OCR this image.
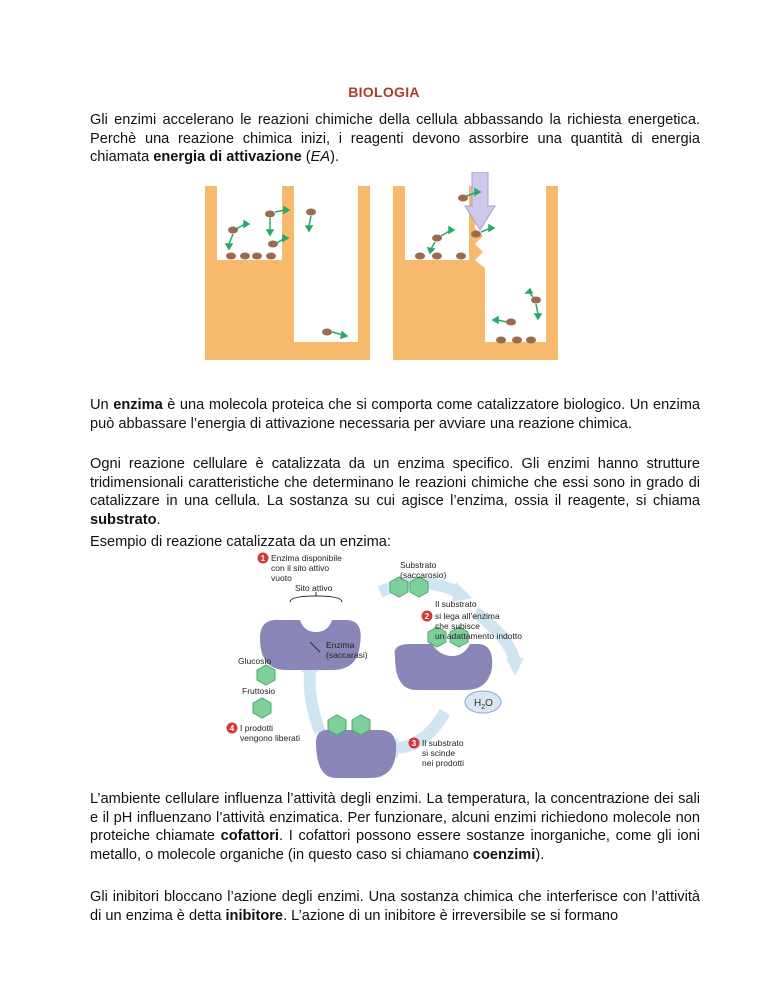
BIOLOGIA
Gli enzimi accelerano le reazioni chimiche della cellula abbassando la richiesta energetica. Perchè una reazione chimica inizi, i reagenti devono assorbire una quantità di energia chiamata energia di attivazione (EA).
Un enzima è una molecola proteica che si comporta come catalizzatore biologico. Un enzima può abbassare l’energia di attivazione necessaria per avviare una reazione chimica.
Ogni reazione cellulare è catalizzata da un enzima specifico. Gli enzimi hanno strutture tridimensionali caratteristiche che determinano le reazioni chimiche che essi sono in grado di catalizzare in una cellula. La sostanza su cui agisce l’enzima, ossia il reagente, si chiama substrato.
Esempio di reazione catalizzata da un enzima:
$H_2O$
1
2
3
4
Enzima disponibile
con il sito attivo
vuoto
Sito attivo
Substrato
(saccarosio)
Il substrato
si lega all’enzima
che subisce
un adattamento indotto
Enzima
(saccarasi)
Glucosio
Fruttosio
I prodotti
vengono liberati	Il substrato
si scinde
nei prodotti
L’ambiente cellulare influenza l’attività degli enzimi. La temperatura, la concentrazione dei sali e il pH influenzano l’attività enzimatica. Per funzionare, alcuni enzimi richiedono molecole non proteiche chiamate cofattori. I cofattori possono essere sostanze inorganiche, come gli ioni metallo, o molecole organiche (in questo caso si chiamano coenzimi).
Gli inibitori bloccano l’azione degli enzimi. Una sostanza chimica che interferisce con l’attività di un enzima è detta inibitore. L’azione di un inibitore è irreversibile se si formano
